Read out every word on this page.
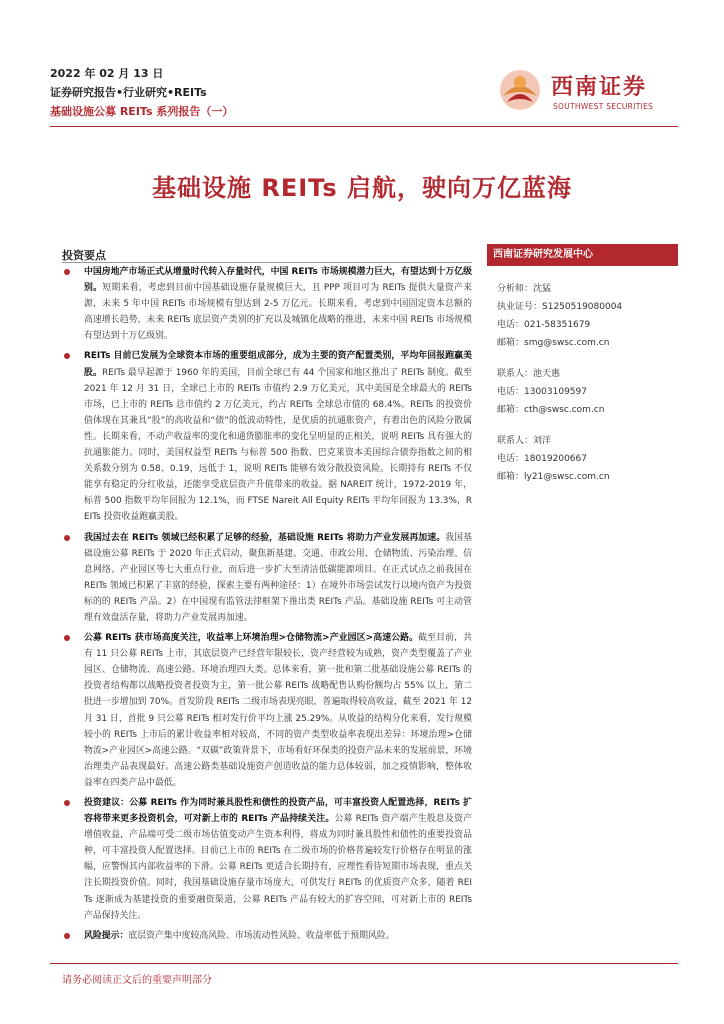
2022 年 02 月 13 日
证券研究报告•行业研究•REITs
基础设施公募 REITs 系列报告（一）
西南证券
SOUTHWEST SECURITIES
基础设施 REITs 启航，驶向万亿蓝海
投资要点
中国房地产市场正式从增量时代转入存量时代，中国 REITs 市场规模潜力巨大，有望达到十万亿级别。短期来看，考虑到目前中国基础设施存量规模巨大，且 PPP 项目可为 REITs 提供大量资产来源，未来 5 年中国 REITs 市场规模有望达到 2-5 万亿元。长期来看，考虑到中国固定资本总额的高速增长趋势，未来 REITs 底层资产类别的扩充以及城镇化战略的推进，未来中国 REITs 市场规模有望达到十万亿级别。
REITs 目前已发展为全球资本市场的重要组成部分，成为主要的资产配置类别，平均年回报跑赢美股。REITs 最早起源于 1960 年的美国，目前全球已有 44 个国家和地区推出了 REITs 制度。截至 2021 年 12 月 31 日，全球已上市的 REITs 市值约 2.9 万亿美元，其中美国是全球最大的 REITs 市场，已上市的 REITs 总市值约 2 万亿美元，约占 REITs 全球总市值的 68.4%。REITs 的投资价值体现在其兼具“股”的高收益和“债”的低波动特性，是优质的抗通胀资产，有着出色的风险分散属性。长期来看，不动产收益率的变化和通货膨胀率的变化呈明显的正相关，说明 REITs 具有强大的抗通胀能力。同时，美国权益型 REITs 与标普 500 指数、巴克莱资本美国综合债券指数之间的相关系数分别为 0.58、0.19，远低于 1，说明 REITs 能够有效分散投资风险。长期持有 REITs 不仅能享有稳定的分红收益，还能享受底层资产升值带来的收益。据 NAREIT 统计，1972-2019 年，标普 500 指数平均年回报为 12.1%，而 FTSE Nareit All Equity REITs 平均年回报为 13.3%，REITs 投资收益跑赢美股。
我国过去在 REITs 领域已经积累了足够的经验，基础设施 REITs 将助力产业发展再加速。我国基础设施公募 REITs 于 2020 年正式启动，聚焦新基建、交通、市政公用、仓储物流、污染治理、信息网络、产业园区等七大重点行业，而后进一步扩大至清洁低碳能源项目。在正式试点之前我国在 REITs 领域已积累了丰富的经验，探索主要有两种途径：1）在境外市场尝试发行以境内资产为投资标的的 REITs 产品。2）在中国现有监管法律框架下推出类 REITs 产品。基础设施 REITs 可主动管理有效盘活存量，将助力产业发展再加速。
公募 REITs 获市场高度关注，收益率上环境治理>仓储物流>产业园区>高速公路。截至目前，共有 11 只公募 REITs 上市，其底层资产已经营年限较长，资产经营较为成熟，资产类型覆盖了产业园区、仓储物流、高速公路、环境治理四大类。总体来看，第一批和第二批基础设施公募 REITs 的投资者结构都以战略投资者投资为主，第一批公募 REITs 战略配售认购份额均占 55% 以上，第二批进一步增加到 70%。首发阶段 REITs 二级市场表现亮眼，普遍取得较高收益，截至 2021 年 12 月 31 日，首批 9 只公募 REITs 相对发行价平均上涨 25.29%。从收益的结构分化来看，发行规模较小的 REITs 上市后的累计收益率相对较高，不同的资产类型收益率表现出差异：环境治理>仓储物流>产业园区>高速公路。“双碳”政策背景下，市场看好环保类的投资产品未来的发展前景，环境治理类产品表现最好。高速公路类基础设施资产创造收益的能力总体较弱，加之疫情影响，整体收益率在四类产品中最低。
投资建议：公募 REITs 作为同时兼具股性和债性的投资产品，可丰富投资人配置选择，REITs 扩容将带来更多投资机会，可对新上市的 REITs 产品持续关注。公募 REITs 资产端产生股息及资产增值收益，产品端可受二级市场估值变动产生资本利得，将成为同时兼具股性和债性的重要投资品种，可丰富投资人配置选择。目前已上市的 REITs 在二级市场的价格普遍较发行价格存在明显的涨幅，应警惕其内部收益率的下滑。公募 REITs 更适合长期持有，应理性看待短期市场表现，重点关注长期投资价值。同时，我国基础设施存量市场庞大，可供发行 REITs 的优质资产众多，随着 REITs 逐渐成为基建投资的重要融资渠道，公募 REITs 产品有较大的扩容空间，可对新上市的 REITs 产品保持关注。
风险提示：底层资产集中度较高风险、市场流动性风险、收益率低于预期风险。
西南证券研究发展中心
分析师：沈猛
执业证号：S1250519080004
电话：021-58351679
邮箱：smg@swsc.com.cn
联系人：池天惠
电话：13003109597
邮箱：cth@swsc.com.cn
联系人：刘洋
电话：18019200667
邮箱：ly21@swsc.com.cn
请务必阅读正文后的重要声明部分
